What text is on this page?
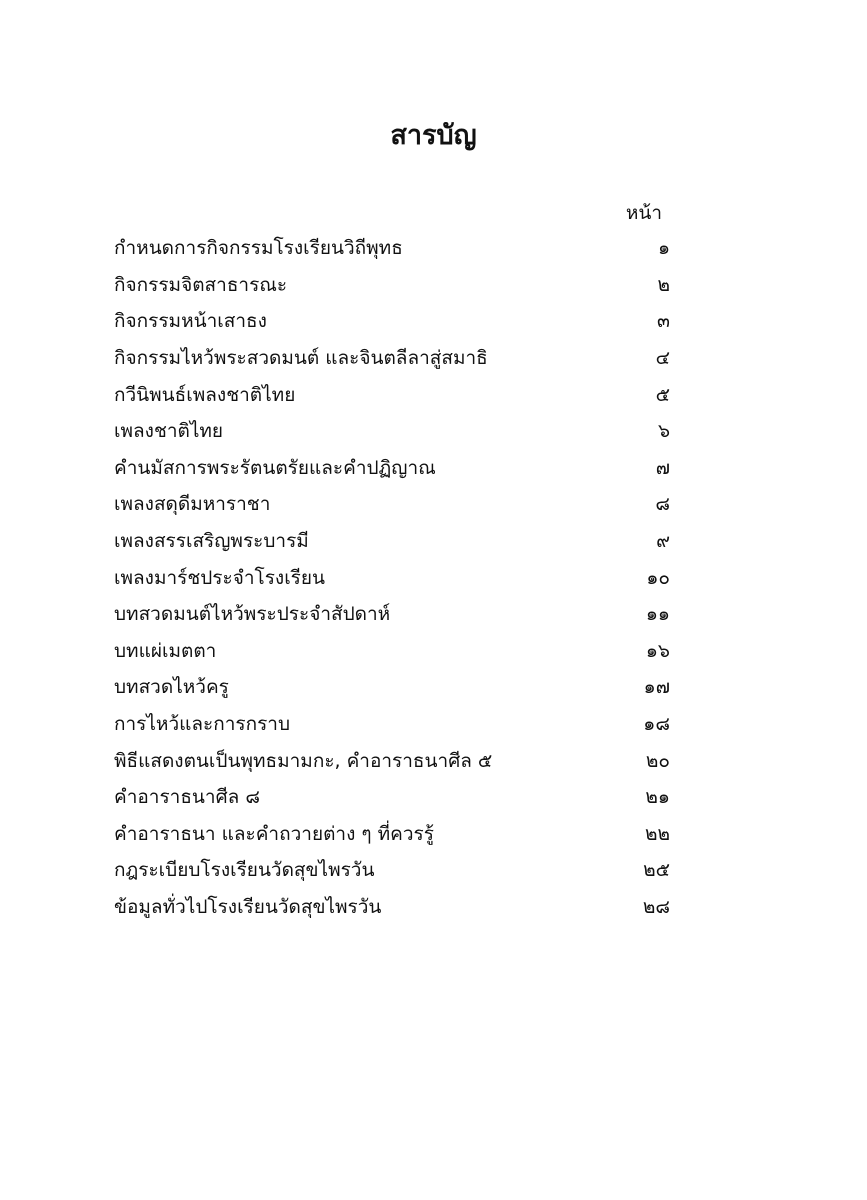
สารบัญ
หน้า
กำหนดการกิจกรรมโรงเรียนวิถีพุทธ	๑
กิจกรรมจิตสาธารณะ	๒
กิจกรรมหน้าเสาธง	๓
กิจกรรมไหว้พระสวดมนต์ และจินตลีลาสู่สมาธิ	๔
กวีนิพนธ์เพลงชาติไทย	๕
เพลงชาติไทย	๖
คำนมัสการพระรัตนตรัยและคำปฏิญาณ	๗
เพลงสดุดีมหาราชา	๘
เพลงสรรเสริญพระบารมี	๙
เพลงมาร์ชประจำโรงเรียน	๑๐
บทสวดมนต์ไหว้พระประจำสัปดาห์	๑๑
บทแผ่เมตตา	๑๖
บทสวดไหว้ครู	๑๗
การไหว้และการกราบ	๑๘
พิธีแสดงตนเป็นพุทธมามกะ, คำอาราธนาศีล ๕	๒๐
คำอาราธนาศีล ๘	๒๑
คำอาราธนา และคำถวายต่าง ๆ ที่ควรรู้	๒๒
กฎระเบียบโรงเรียนวัดสุขไพรวัน	๒๕
ข้อมูลทั่วไปโรงเรียนวัดสุขไพรวัน	๒๘
